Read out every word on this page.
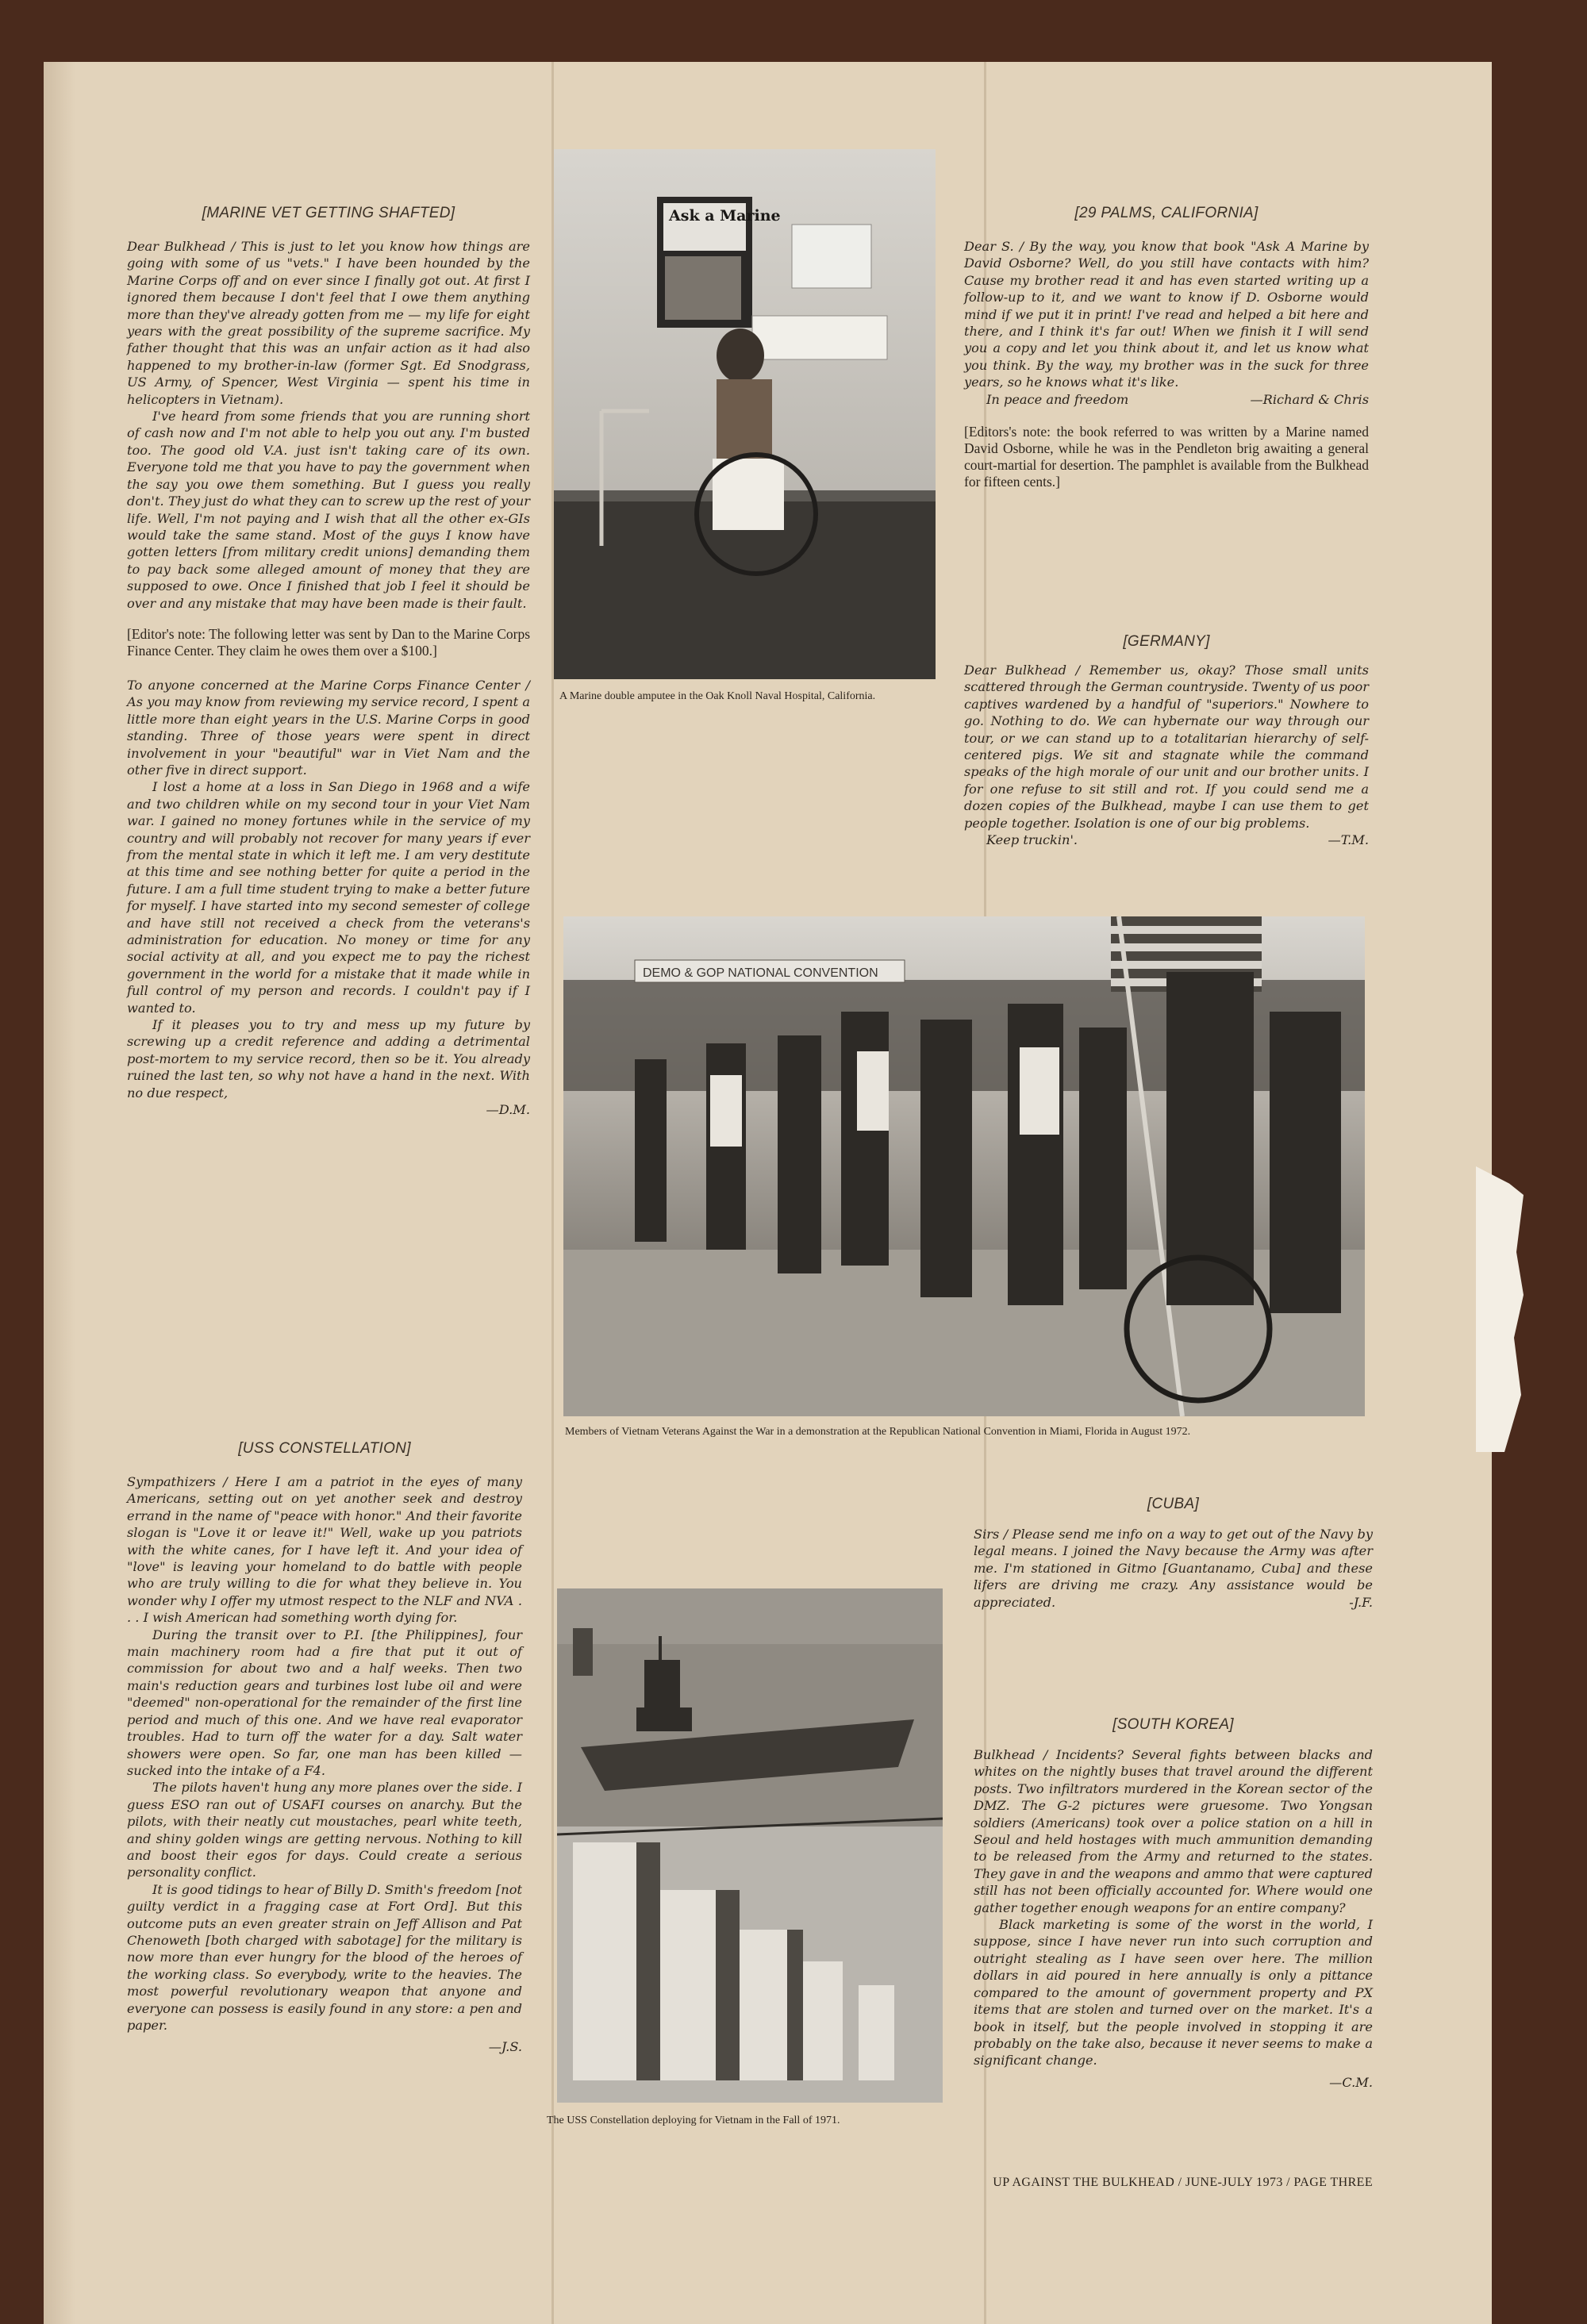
[MARINE VET GETTING SHAFTED]

Dear Bulkhead / This is just to let you know how things are going with some of us "vets." I have been hounded by the Marine Corps off and on ever since I finally got out. At first I ignored them because I don't feel that I owe them anything more than they've already gotten from me — my life for eight years with the great possibility of the supreme sacrifice. My father thought that this was an unfair action as it had also happened to my brother-in-law (former Sgt. Ed Snodgrass, US Army, of Spencer, West Virginia — spent his time in helicopters in Vietnam).

I've heard from some friends that you are running short of cash now and I'm not able to help you out any. I'm busted too. The good old V.A. just isn't taking care of its own. Everyone told me that you have to pay the government when the say you owe them something. But I guess you really don't. They just do what they can to screw up the rest of your life. Well, I'm not paying and I wish that all the other ex-GIs would take the same stand. Most of the guys I know have gotten letters [from military credit unions] demanding them to pay back some alleged amount of money that they are supposed to owe. Once I finished that job I feel it should be over and any mistake that may have been made is their fault.

[Editor's note: The following letter was sent by Dan to the Marine Corps Finance Center. They claim he owes them over a $100.]

To anyone concerned at the Marine Corps Finance Center / As you may know from reviewing my service record, I spent a little more than eight years in the U.S. Marine Corps in good standing. Three of those years were spent in direct involvement in your "beautiful" war in Viet Nam and the other five in direct support.

I lost a home at a loss in San Diego in 1968 and a wife and two children while on my second tour in your Viet Nam war. I gained no money fortunes while in the service of my country and will probably not recover for many years if ever from the mental state in which it left me. I am very destitute at this time and see nothing better for quite a period in the future. I am a full time student trying to make a better future for myself. I have started into my second semester of college and have still not received a check from the veterans's administration for education. No money or time for any social activity at all, and you expect me to pay the richest government in the world for a mistake that it made while in full control of my person and records. I couldn't pay if I wanted to.

If it pleases you to try and mess up my future by screwing up a credit reference and adding a detrimental post-mortem to my service record, then so be it. You already ruined the last ten, so why not have a hand in the next. With no due respect,

—D.M.
Ask a Marine
A Marine double amputee in the Oak Knoll Naval Hospital, California.
[29 PALMS, CALIFORNIA]

Dear S. / By the way, you know that book "Ask A Marine by David Osborne? Well, do you still have contacts with him? Cause my brother read it and has even started writing up a follow-up to it, and we want to know if D. Osborne would mind if we put it in print! I've read and helped a bit here and there, and I think it's far out! When we finish it I will send you a copy and let you think about it, and let us know what you think. By the way, my brother was in the suck for three years, so he knows what it's like.

In peace and freedom	—Richard & Chris
[Editors's note: the book referred to was written by a Marine named David Osborne, while he was in the Pendleton brig awaiting a general court-martial for desertion. The pamphlet is available from the Bulkhead for fifteen cents.]
[GERMANY]

Dear Bulkhead / Remember us, okay? Those small units scattered through the German countryside. Twenty of us poor captives wardened by a handful of "superiors." Nowhere to go. Nothing to do. We can hybernate our way through our tour, or we can stand up to a totalitarian hierarchy of self-centered pigs. We sit and stagnate while the command speaks of the high morale of our unit and our brother units. I for one refuse to sit still and rot. If you could send me a dozen copies of the Bulkhead, maybe I can use them to get people together. Isolation is one of our big problems.

Keep truckin'.	—T.M.
DEMO & GOP NATIONAL CONVENTION
Members of Vietnam Veterans Against the War in a demonstration at the Republican National Convention in Miami, Florida in August 1972.
[USS CONSTELLATION]

Sympathizers / Here I am a patriot in the eyes of many Americans, setting out on yet another seek and destroy errand in the name of "peace with honor." And their favorite slogan is "Love it or leave it!" Well, wake up you patriots with the white canes, for I have left it. And your idea of "love" is leaving your homeland to do battle with people who are truly willing to die for what they believe in. You wonder why I offer my utmost respect to the NLF and NVA . . . I wish American had something worth dying for.

During the transit over to P.I. [the Philippines], four main machinery room had a fire that put it out of commission for about two and a half weeks. Then two main's reduction gears and turbines lost lube oil and were "deemed" non-operational for the remainder of the first line period and much of this one. And we have real evaporator troubles. Had to turn off the water for a day. Salt water showers were open. So far, one man has been killed — sucked into the intake of a F4.

The pilots haven't hung any more planes over the side. I guess ESO ran out of USAFI courses on anarchy. But the pilots, with their neatly cut moustaches, pearl white teeth, and shiny golden wings are getting nervous. Nothing to kill and boost their egos for days. Could create a serious personality conflict.

It is good tidings to hear of Billy D. Smith's freedom [not guilty verdict in a fragging case at Fort Ord]. But this outcome puts an even greater strain on Jeff Allison and Pat Chenoweth [both charged with sabotage] for the military is now more than ever hungry for the blood of the heroes of the working class. So everybody, write to the heavies. The most powerful revolutionary weapon that anyone and everyone can possess is easily found in any store: a pen and paper.

—J.S.
The USS Constellation deploying for Vietnam in the Fall of 1971.
[CUBA]

Sirs / Please send me info on a way to get out of the Navy by legal means. I joined the Navy because the Army was after me. I'm stationed in Gitmo [Guantanamo, Cuba] and these lifers are driving me crazy. Any assistance would be appreciated.	-J.F.
[SOUTH KOREA]

Bulkhead / Incidents? Several fights between blacks and whites on the nightly buses that travel around the different posts. Two infiltrators murdered in the Korean sector of the DMZ. The G-2 pictures were gruesome. Two Yongsan soldiers (Americans) took over a police station on a hill in Seoul and held hostages with much ammunition demanding to be released from the Army and returned to the states. They gave in and the weapons and ammo that were captured still has not been officially accounted for. Where would one gather together enough weapons for an entire company?

Black marketing is some of the worst in the world, I suppose, since I have never run into such corruption and outright stealing as I have seen over here. The million dollars in aid poured in here annually is only a pittance compared to the amount of government property and PX items that are stolen and turned over on the market. It's a book in itself, but the people involved in stopping it are probably on the take also, because it never seems to make a significant change.

—C.M.
UP AGAINST THE BULKHEAD / JUNE-JULY 1973 / PAGE THREE
